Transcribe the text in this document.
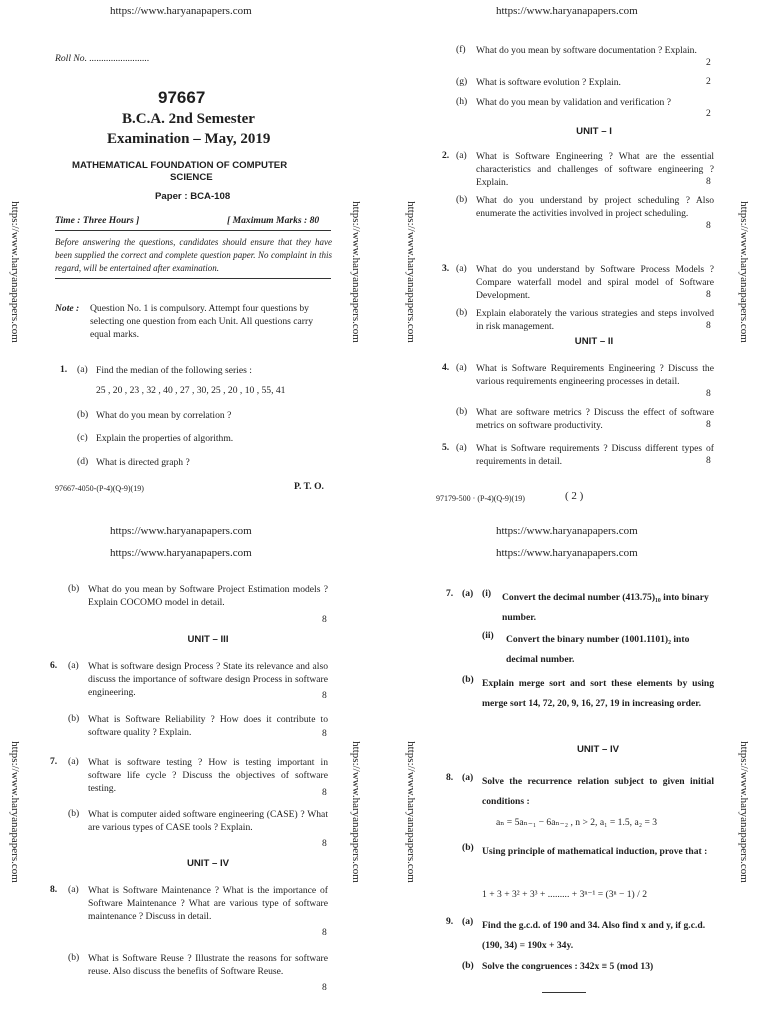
https://www.haryanapapers.com
https://www.haryanapapers.com	https://www.haryanapapers.com
Roll No. .........................
97667
B.C.A. 2nd Semester
Examination – May, 2019
MATHEMATICAL FOUNDATION OF COMPUTER
SCIENCE
Paper : BCA-108
Time : Three Hours ]	[ Maximum Marks : 80
Before answering the questions, candidates should ensure that they have been supplied the correct and complete question paper. No complaint in this regard, will be entertained after examination.
Note : Question No. 1 is compulsory. Attempt four questions by selecting one question from each Unit. All questions carry equal marks.
1. (a) Find the median of the following series :
25 , 20 , 23 , 32 , 40 , 27 , 30, 25 , 20 , 10 , 55, 41
(b) What do you mean by correlation ?
(c) Explain the properties of algorithm.
(d) What is directed graph ?
97667-4050-(P-4)(Q-9)(19)	P. T. O.
https://www.haryanapapers.com
https://www.haryanapapers.com	https://www.haryanapapers.com
(f) What do you mean by software documentation ? Explain.
2
(g) What is software evolution ? Explain.	2
(h) What do you mean by validation and verification ?
2
UNIT – I
2. (a) What is Software Engineering ? What are the essential characteristics and challenges of software engineering ? Explain.	8
(b) What do you understand by project scheduling ? Also enumerate the activities involved in project scheduling.
8
3. (a) What do you understand by Software Process Models ? Compare waterfall model and spiral model of Software Development.	8
(b) Explain elaborately the various strategies and steps involved in risk management.	8
UNIT – II
4. (a) What is Software Requirements Engineering ? Discuss the various requirements engineering processes in detail.
8
(b) What are software metrics ? Discuss the effect of software metrics on software productivity.	8
5. (a) What is Software requirements ? Discuss different types of requirements in detail.	8
97179-500 · (P-4)(Q-9)(19)	( 2 )
https://www.haryanapapers.com
https://www.haryanapapers.com
https://www.haryanapapers.com	https://www.haryanapapers.com
(b) What do you mean by Software Project Estimation models ? Explain COCOMO model in detail.
8
UNIT – III
6. (a) What is software design Process ? State its relevance and also discuss the importance of software design Process in software engineering.	8
(b) What is Software Reliability ? How does it contribute to software quality ? Explain.	8
7. (a) What is software testing ? How is testing important in software life cycle ? Discuss the objectives of software testing.	8
(b) What is computer aided software engineering (CASE) ? What are various types of CASE tools ? Explain.
8
UNIT – IV
8. (a) What is Software Maintenance ? What is the importance of Software Maintenance ? What are various type of software maintenance ? Discuss in detail.
8
(b) What is Software Reuse ? Illustrate the reasons for software reuse. Also discuss the benefits of Software Reuse.
8
https://www.haryanapapers.com
https://www.haryanapapers.com
https://www.haryanapapers.com	https://www.haryanapapers.com
7. (a) (i) Convert the decimal number (413.75)₁₀ into binary number.
(ii) Convert the binary number (1001.1101)₂ into decimal number.
(b) Explain merge sort and sort these elements by using merge sort 14, 72, 20, 9, 16, 27, 19 in increasing order.
UNIT – IV
8. (a) Solve the recurrence relation subject to given initial conditions :
aₙ = 5aₙ₋₁ − 6aₙ₋₂ , n > 2, a₁ = 1.5, a₂ = 3
(b) Using principle of mathematical induction, prove that :
1 + 3 + 3² + 3³ + ......... + 3ⁿ⁻¹ = (3ⁿ − 1) / 2
9. (a) Find the g.c.d. of 190 and 34. Also find x and y, if g.c.d. (190, 34) = 190x + 34y.
(b) Solve the congruences : 342x ≡ 5 (mod 13)
